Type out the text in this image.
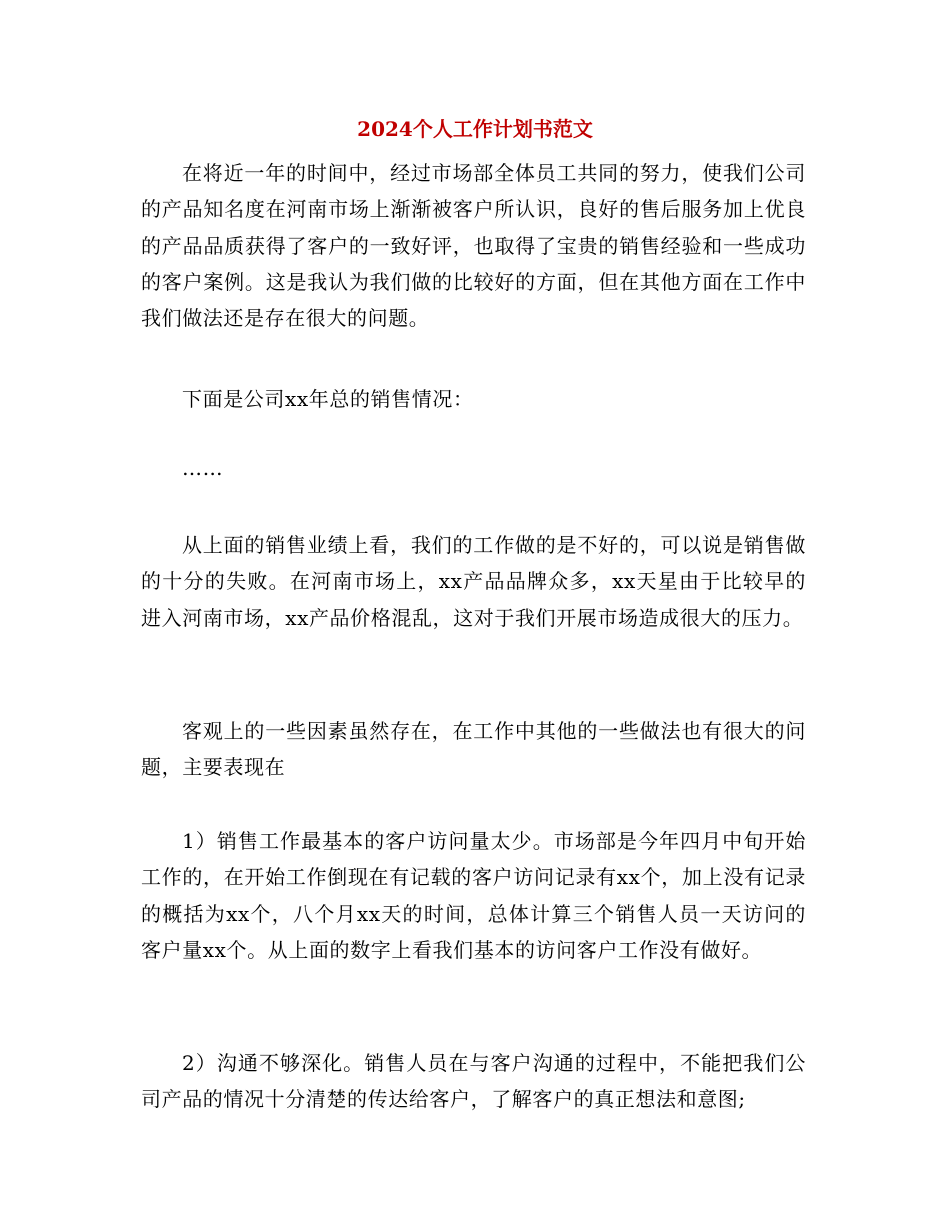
2024个人工作计划书范文

在将近一年的时间中，经过市场部全体员工共同的努力，使我们公司的产品知名度在河南市场上渐渐被客户所认识，良好的售后服务加上优良的产品品质获得了客户的一致好评，也取得了宝贵的销售经验和一些成功的客户案例。这是我认为我们做的比较好的方面，但在其他方面在工作中我们做法还是存在很大的问题。

下面是公司xx年总的销售情况：

……

从上面的销售业绩上看，我们的工作做的是不好的，可以说是销售做的十分的失败。在河南市场上，xx产品品牌众多，xx天星由于比较早的进入河南市场，xx产品价格混乱，这对于我们开展市场造成很大的压力。

客观上的一些因素虽然存在，在工作中其他的一些做法也有很大的问题，主要表现在

1）销售工作最基本的客户访问量太少。市场部是今年四月中旬开始工作的，在开始工作倒现在有记载的客户访问记录有xx个，加上没有记录的概括为xx个，八个月xx天的时间，总体计算三个销售人员一天访问的客户量xx个。从上面的数字上看我们基本的访问客户工作没有做好。

2）沟通不够深化。销售人员在与客户沟通的过程中，不能把我们公司产品的情况十分清楚的传达给客户，了解客户的真正想法和意图;
